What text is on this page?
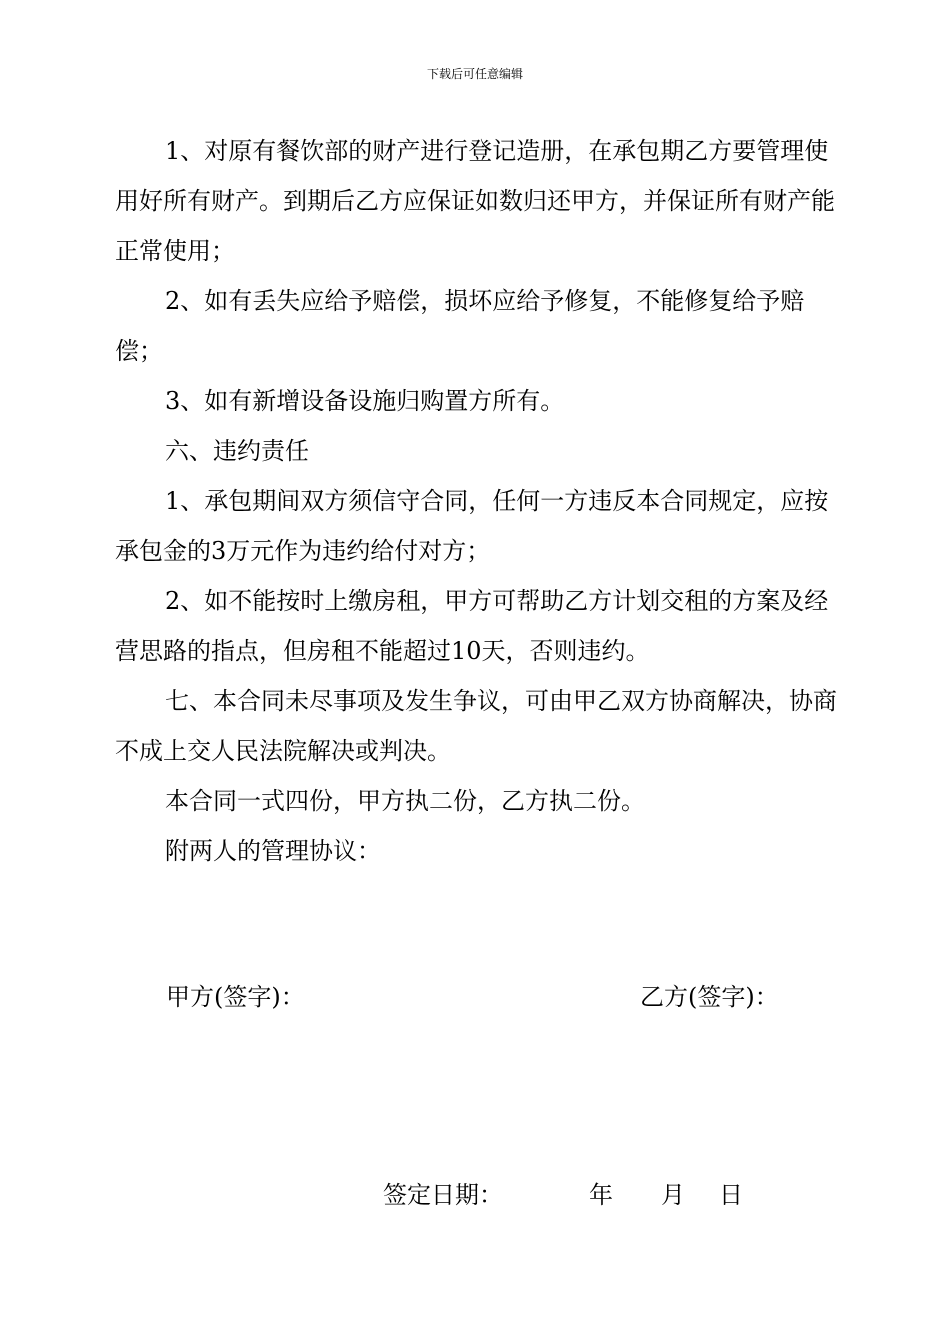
下载后可任意编辑

1、对原有餐饮部的财产进行登记造册，在承包期乙方要管理使用好所有财产。到期后乙方应保证如数归还甲方，并保证所有财产能正常使用；

2、如有丢失应给予赔偿，损坏应给予修复，不能修复给予赔偿；

3、如有新增设备设施归购置方所有。

六、违约责任

1、承包期间双方须信守合同，任何一方违反本合同规定，应按承包金的3万元作为违约给付对方；

2、如不能按时上缴房租，甲方可帮助乙方计划交租的方案及经营思路的指点，但房租不能超过10天，否则违约。

七、本合同未尽事项及发生争议，可由甲乙双方协商解决，协商不成上交人民法院解决或判决。

本合同一式四份，甲方执二份，乙方执二份。

附两人的管理协议：

甲方(签字)：	乙方(签字)：
签定日期：	年 月 日
